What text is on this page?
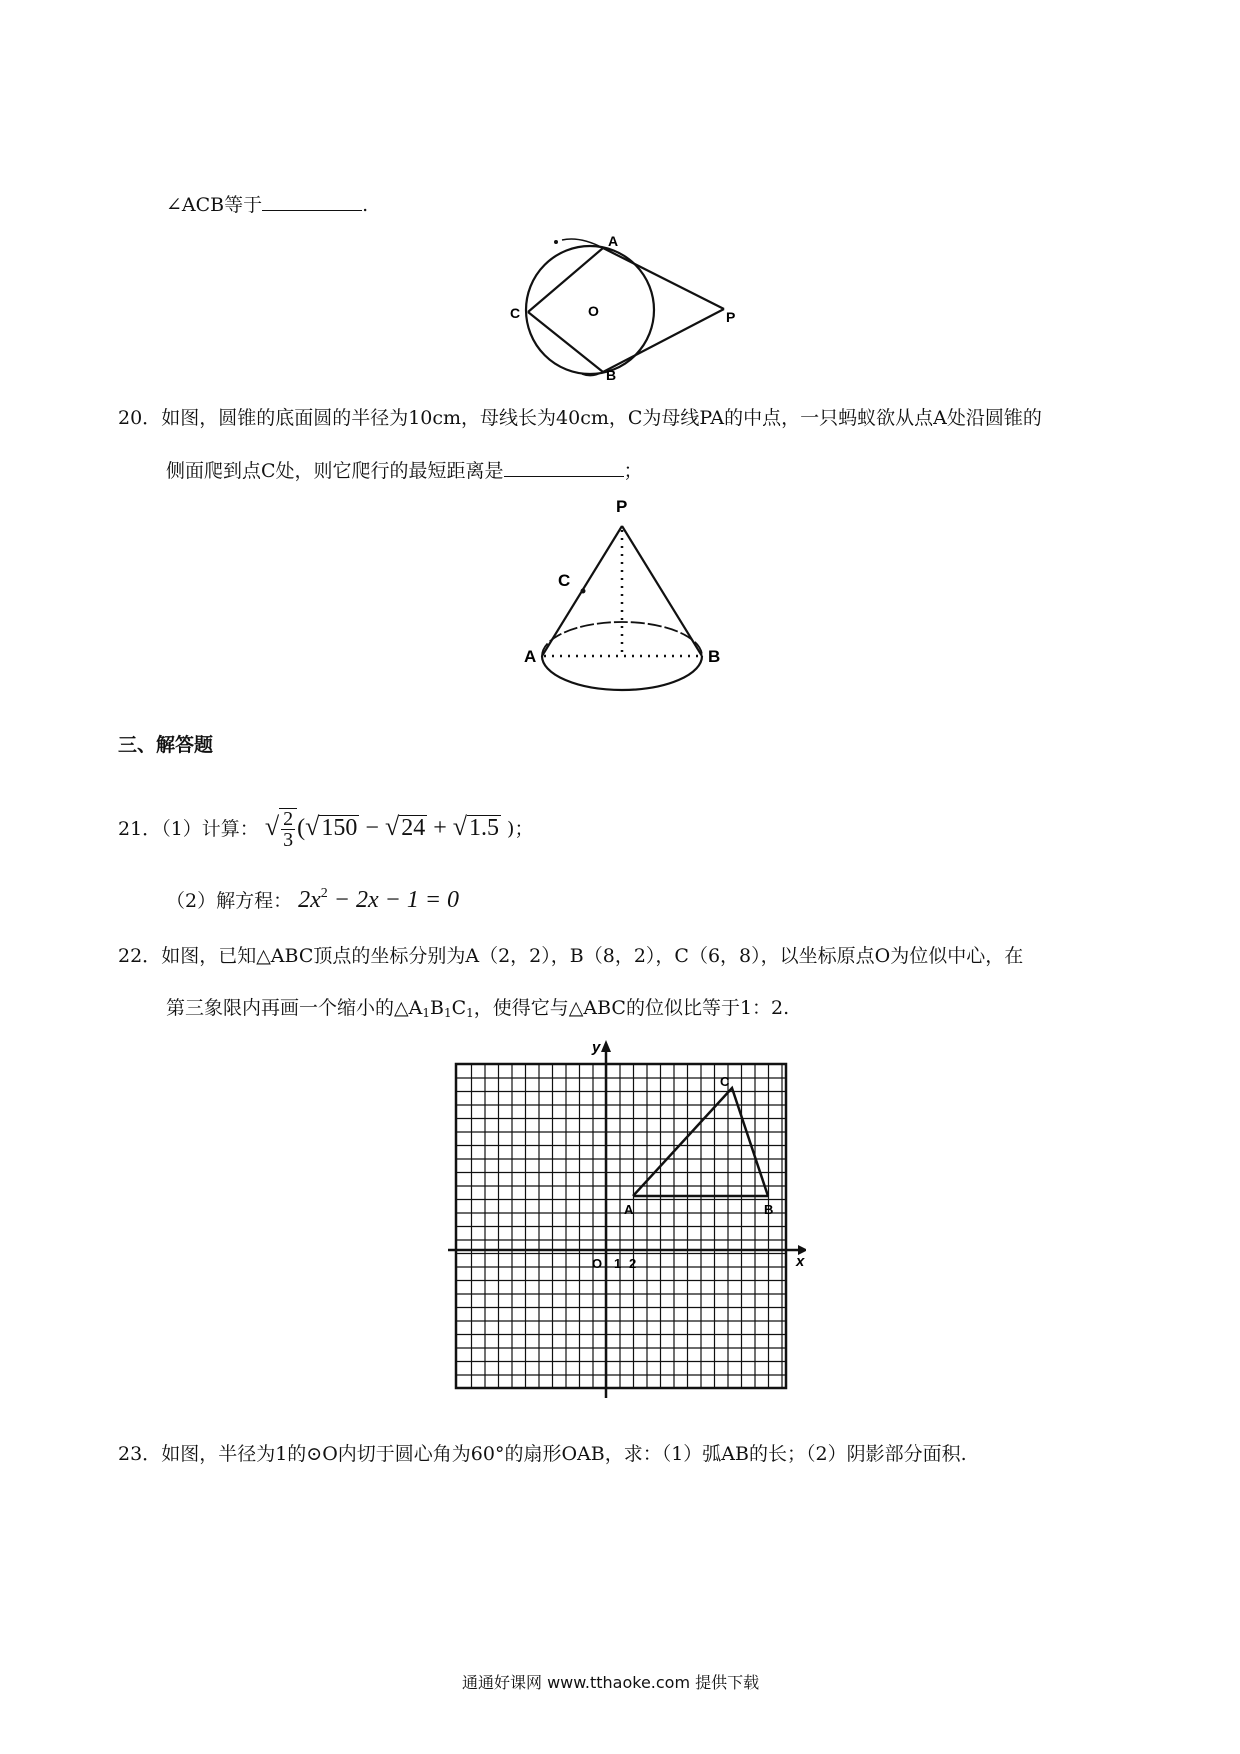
∠ACB等于	.
A
B
C	O	P
20．如图，圆锥的底面圆的半径为10cm，母线长为40cm，C为母线PA的中点，一只蚂蚁欲从点A处沿圆锥的
侧面爬到点C处，则它爬行的最短距离是	；
P
C
A	B
三、解答题
21．（1）计算： √ $\frac{2}{3} (√150 - √24 + √1.5$ )；
（2）解方程： $2x^2 - 2x - 1 = 0$
22．如图，已知△ABC顶点的坐标分别为A（2，2），B（8，2），C（6，8），以坐标原点O为位似中心，在
第三象限内再画一个缩小的$\triangle A_1B_1C_1$，使得它与△ABC的位似比等于1：2.
y
x
O 1 2
A	B
C
23．如图，半径为1的⊙O内切于圆心角为60°的扇形OAB，求：（1）弧AB的长；（2）阴影部分面积.
通通好课网 www.tthaoke.com 提供下载
